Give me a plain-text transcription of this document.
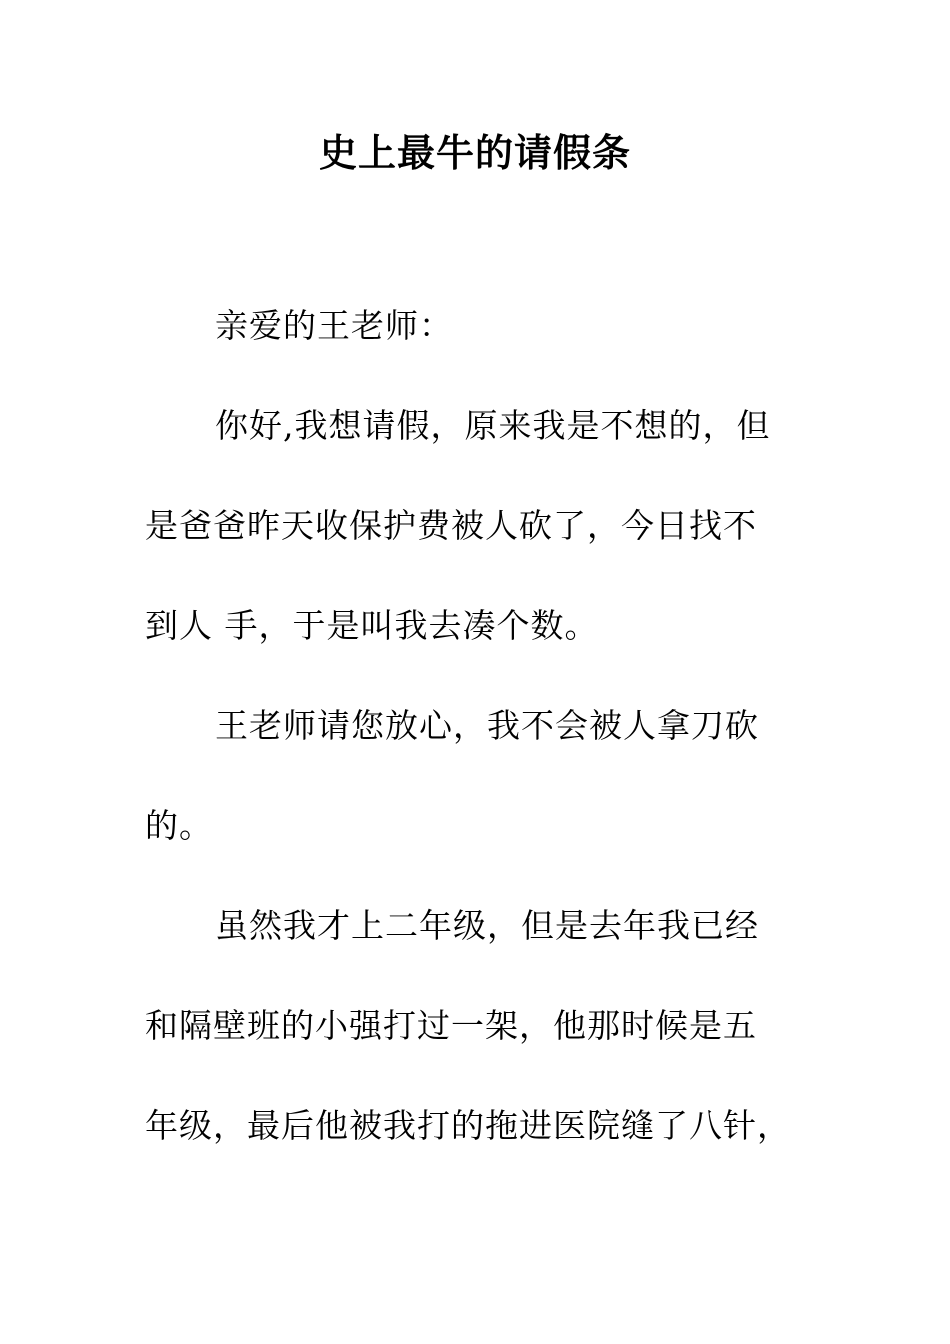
史上最牛的请假条
亲爱的王老师：
你好,我想请假，原来我是不想的，但
是爸爸昨天收保护费被人砍了，今日找不
到人 手，于是叫我去凑个数。
王老师请您放心，我不会被人拿刀砍
的。
虽然我才上二年级，但是去年我已经
和隔壁班的小强打过一架，他那时候是五
年级，最后他被我打的拖进医院缝了八针，
